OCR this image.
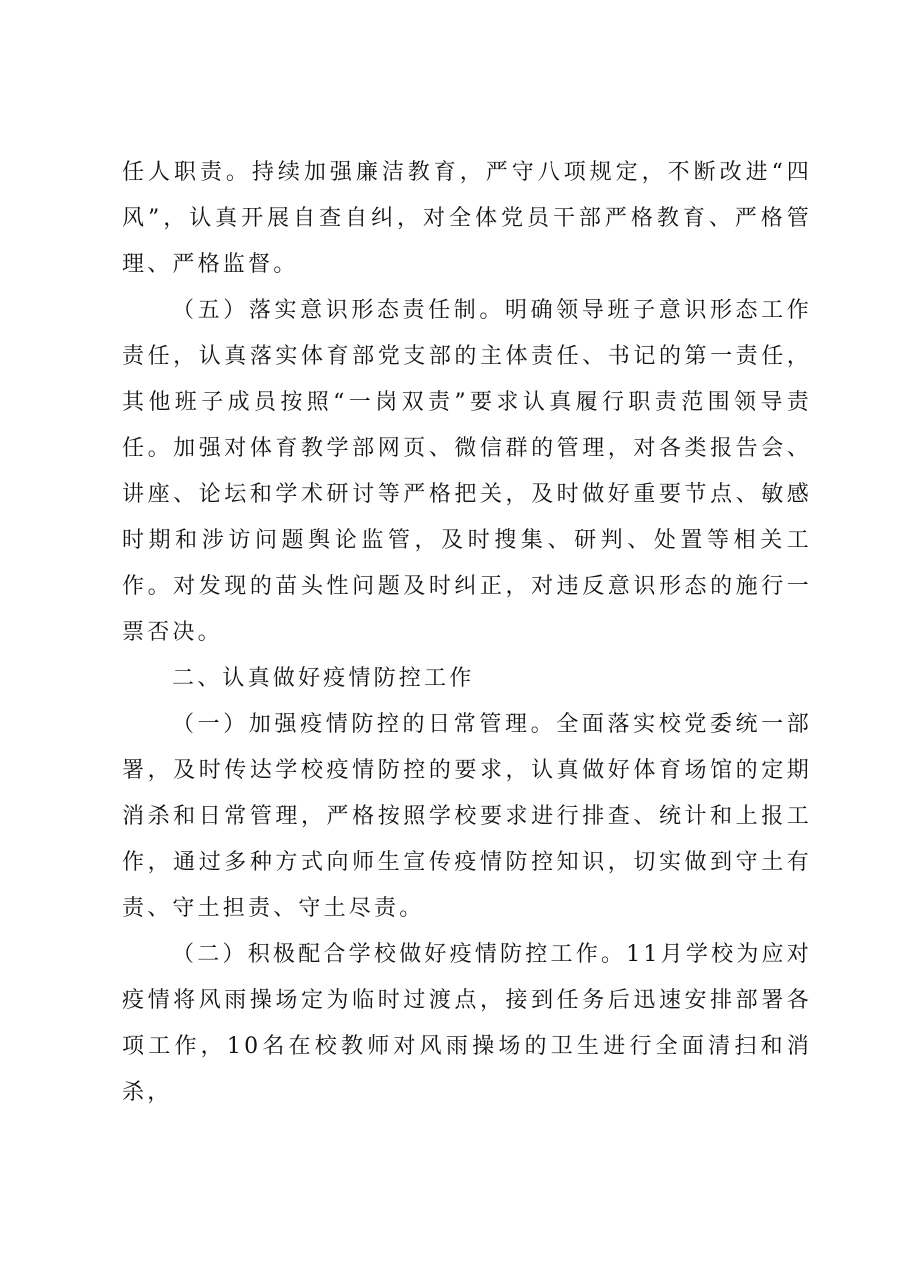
任人职责。持续加强廉洁教育，严守八项规定，不断改进“四风”，认真开展自查自纠，对全体党员干部严格教育、严格管理、严格监督。

（五）落实意识形态责任制。明确领导班子意识形态工作责任，认真落实体育部党支部的主体责任、书记的第一责任，其他班子成员按照“一岗双责”要求认真履行职责范围领导责任。加强对体育教学部网页、微信群的管理，对各类报告会、讲座、论坛和学术研讨等严格把关，及时做好重要节点、敏感时期和涉访问题舆论监管，及时搜集、研判、处置等相关工作。对发现的苗头性问题及时纠正，对违反意识形态的施行一票否决。

二、认真做好疫情防控工作

（一）加强疫情防控的日常管理。全面落实校党委统一部署，及时传达学校疫情防控的要求，认真做好体育场馆的定期消杀和日常管理，严格按照学校要求进行排查、统计和上报工作，通过多种方式向师生宣传疫情防控知识，切实做到守土有责、守土担责、守土尽责。

（二）积极配合学校做好疫情防控工作。11月学校为应对疫情将风雨操场定为临时过渡点，接到任务后迅速安排部署各项工作，10名在校教师对风雨操场的卫生进行全面清扫和消杀，
